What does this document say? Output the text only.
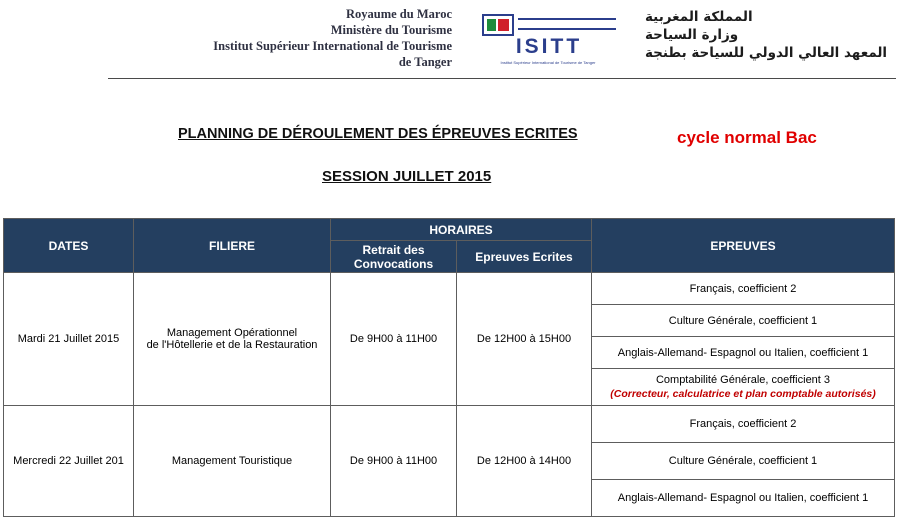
Royaume du Maroc
Ministère du Tourisme
Institut Supérieur International de Tourisme
de Tanger
ISITT
Institut Supérieur International de Tourisme de Tanger
المملكة المغربية
وزارة السياحة
المعهد العالي الدولي للسياحة بطنجة
PLANNING DE DÉROULEMENT DES ÉPREUVES ECRITES	cycle normal Bac
SESSION JUILLET 2015
DATES	FILIERE	HORAIRES		EPREUVES
		Retrait des Convocations	Epreuves Ecrites	
Mardi 21 Juillet 2015	Management Opérationnel
de l'Hôtellerie et de la Restauration	De 9H00 à 11H00	De 12H00 à 15H00	Français, coefficient 2
				Culture Générale, coefficient 1
				Anglais-Allemand- Espagnol ou Italien, coefficient 1

				Comptabilité Générale, coefficient 3
(Correcteur, calculatrice et plan comptable autorisés)

Mercredi 22 Juillet 201	Management Touristique	De 9H00 à 11H00	De 12H00 à 14H00	Français, coefficient 2
				Culture Générale, coefficient 1
				Anglais-Allemand- Espagnol ou Italien, coefficient 1
